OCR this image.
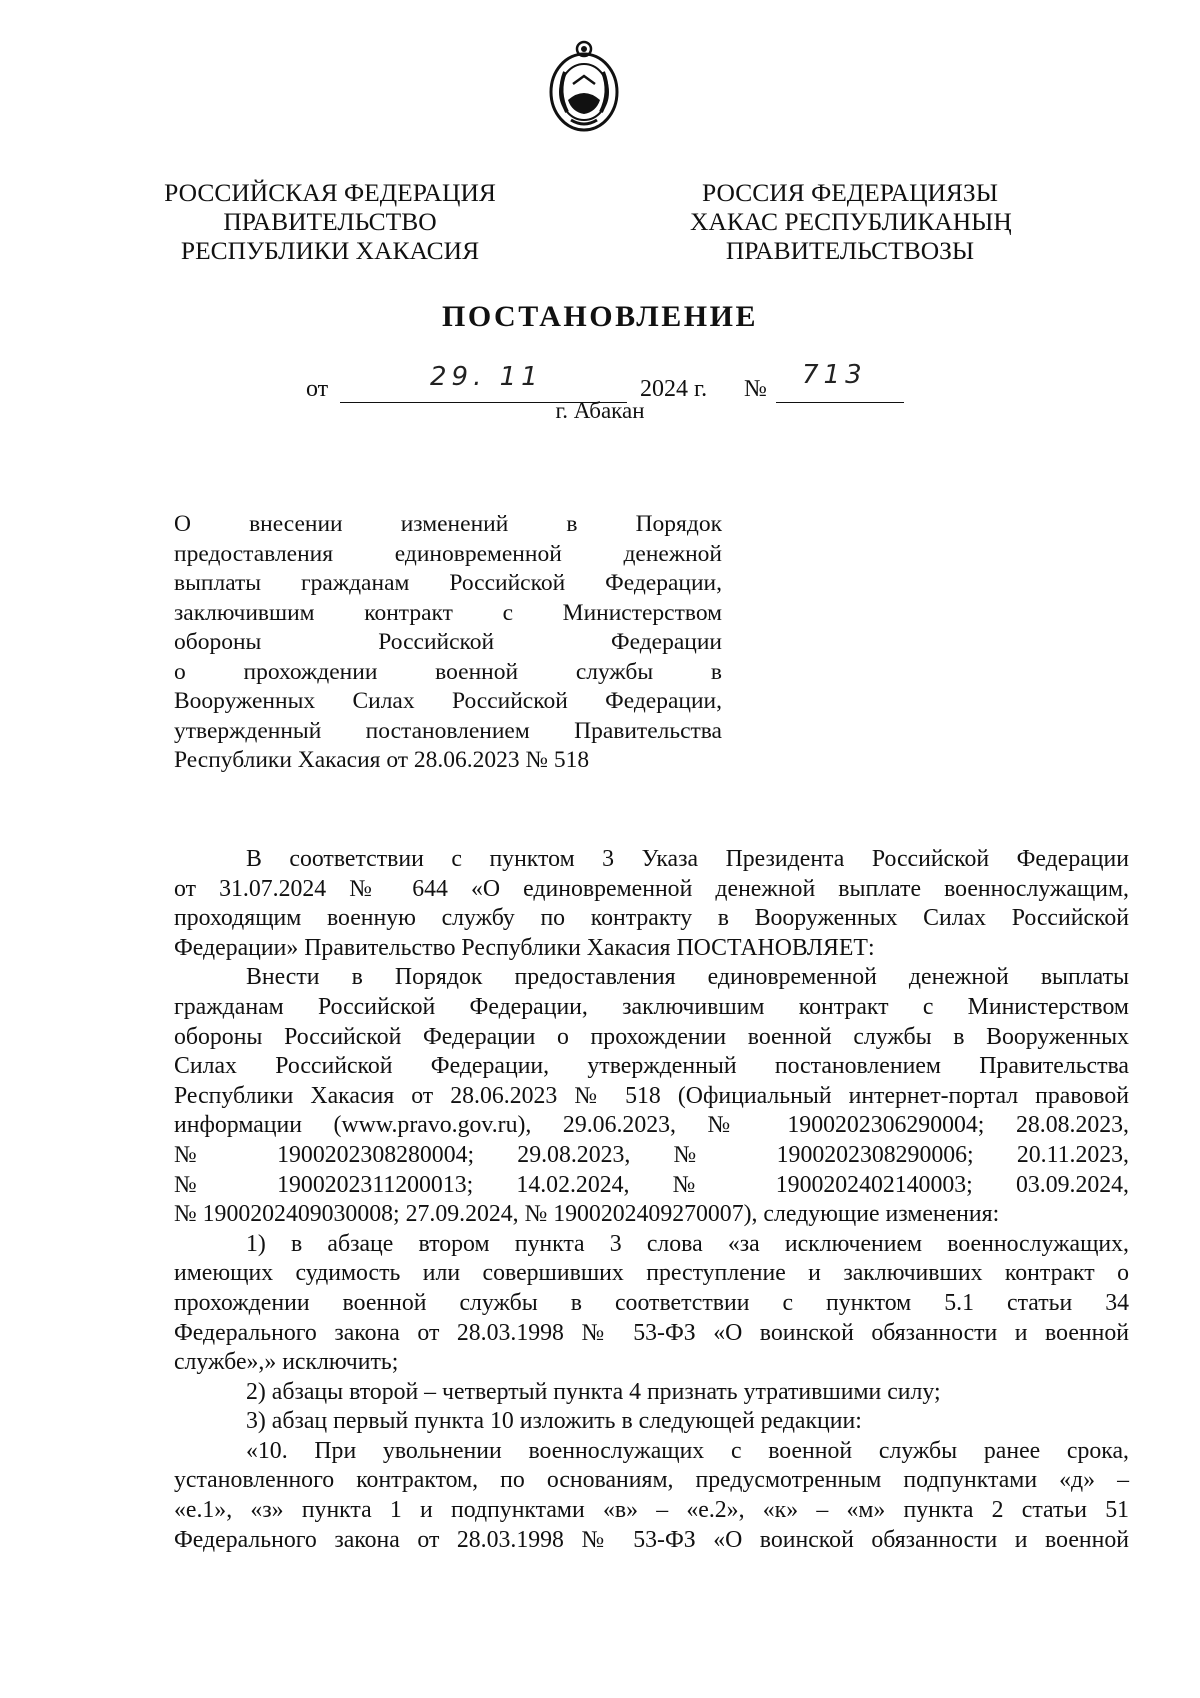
РОССИЙСКАЯ ФЕДЕРАЦИЯ
ПРАВИТЕЛЬСТВО
РЕСПУБЛИКИ ХАКАСИЯ
РОССИЯ ФЕДЕРАЦИЯЗЫ
ХАКАС РЕСПУБЛИКАНЫҢ
ПРАВИТЕЛЬСТВОЗЫ
ПОСТАНОВЛЕНИЕ
от	29. 11	2024 г. № 713
г. Абакан
О внесении изменений в Порядок
предоставления единовременной денежной
выплаты гражданам Российской Федерации,
заключившим контракт с Министерством
обороны Российской Федерации
о прохождении военной службы в
Вооруженных Силах Российской Федерации,
утвержденный постановлением Правительства
Республики Хакасия от 28.06.2023 № 518
В соответствии с пунктом 3 Указа Президента Российской Федерации
от 31.07.2024 № 644 «О единовременной денежной выплате военнослужащим,
проходящим военную службу по контракту в Вооруженных Силах Российской
Федерации» Правительство Республики Хакасия ПОСТАНОВЛЯЕТ:
Внести в Порядок предоставления единовременной денежной выплаты
гражданам Российской Федерации, заключившим контракт с Министерством
обороны Российской Федерации о прохождении военной службы в Вооруженных
Силах Российской Федерации, утвержденный постановлением Правительства
Республики Хакасия от 28.06.2023 № 518 (Официальный интернет-портал правовой
информации (www.pravo.gov.ru), 29.06.2023, № 1900202306290004; 28.08.2023,
№ 1900202308280004; 29.08.2023, № 1900202308290006; 20.11.2023,
№ 1900202311200013; 14.02.2024, № 1900202402140003; 03.09.2024,
№ 1900202409030008; 27.09.2024, № 1900202409270007), следующие изменения:
1) в абзаце втором пункта 3 слова «за исключением военнослужащих,
имеющих судимость или совершивших преступление и заключивших контракт о
прохождении военной службы в соответствии с пунктом 5.1 статьи 34
Федерального закона от 28.03.1998 № 53-ФЗ «О воинской обязанности и военной
службе»,» исключить;
2) абзацы второй – четвертый пункта 4 признать утратившими силу;
3) абзац первый пункта 10 изложить в следующей редакции:
«10. При увольнении военнослужащих с военной службы ранее срока,
установленного контрактом, по основаниям, предусмотренным подпунктами «д» –
«е.1», «з» пункта 1 и подпунктами «в» – «е.2», «к» – «м» пункта 2 статьи 51
Федерального закона от 28.03.1998 № 53-ФЗ «О воинской обязанности и военной
